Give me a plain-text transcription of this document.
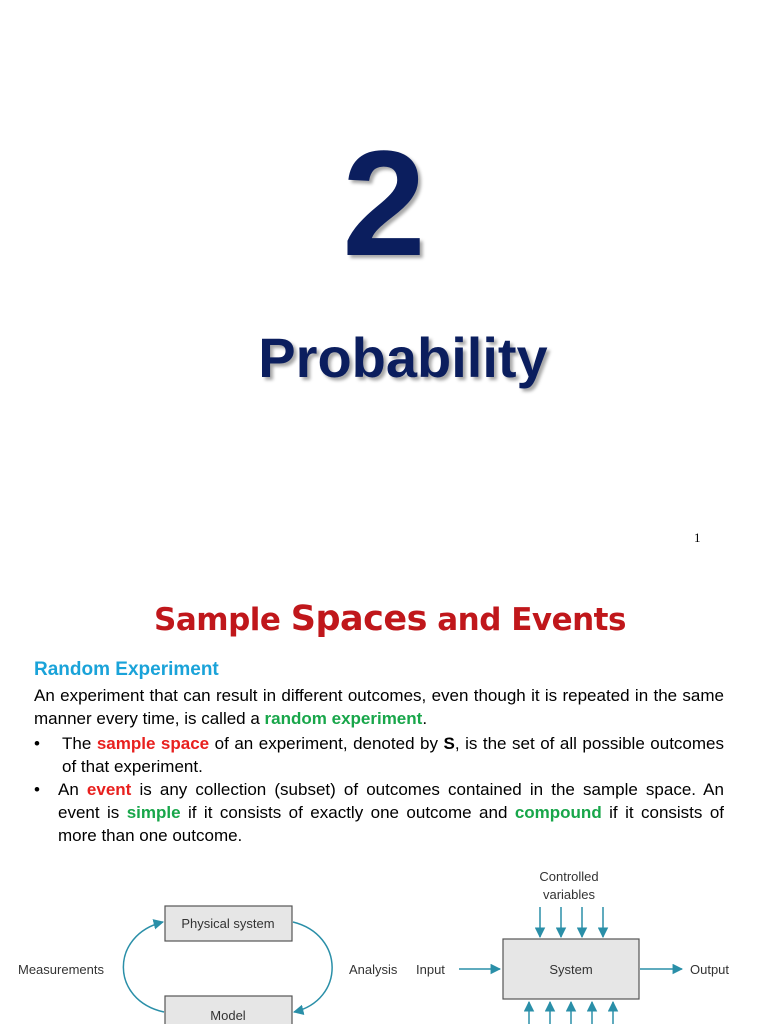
2
Probability
1
Sample Spaces and Events
Random Experiment
An experiment that can result in different outcomes, even though it is repeated in the same manner every time, is called a random experiment.
•	The sample space of an experiment, denoted by S, is the set of all possible outcomes of that experiment.
•	An event is any collection (subset) of outcomes contained in the sample space. An event is simple if it consists of exactly one outcome and compound if it consists of more than one outcome.
Physical system
Model
Measurements	Analysis
Controlled
variables
System
Input	Output
